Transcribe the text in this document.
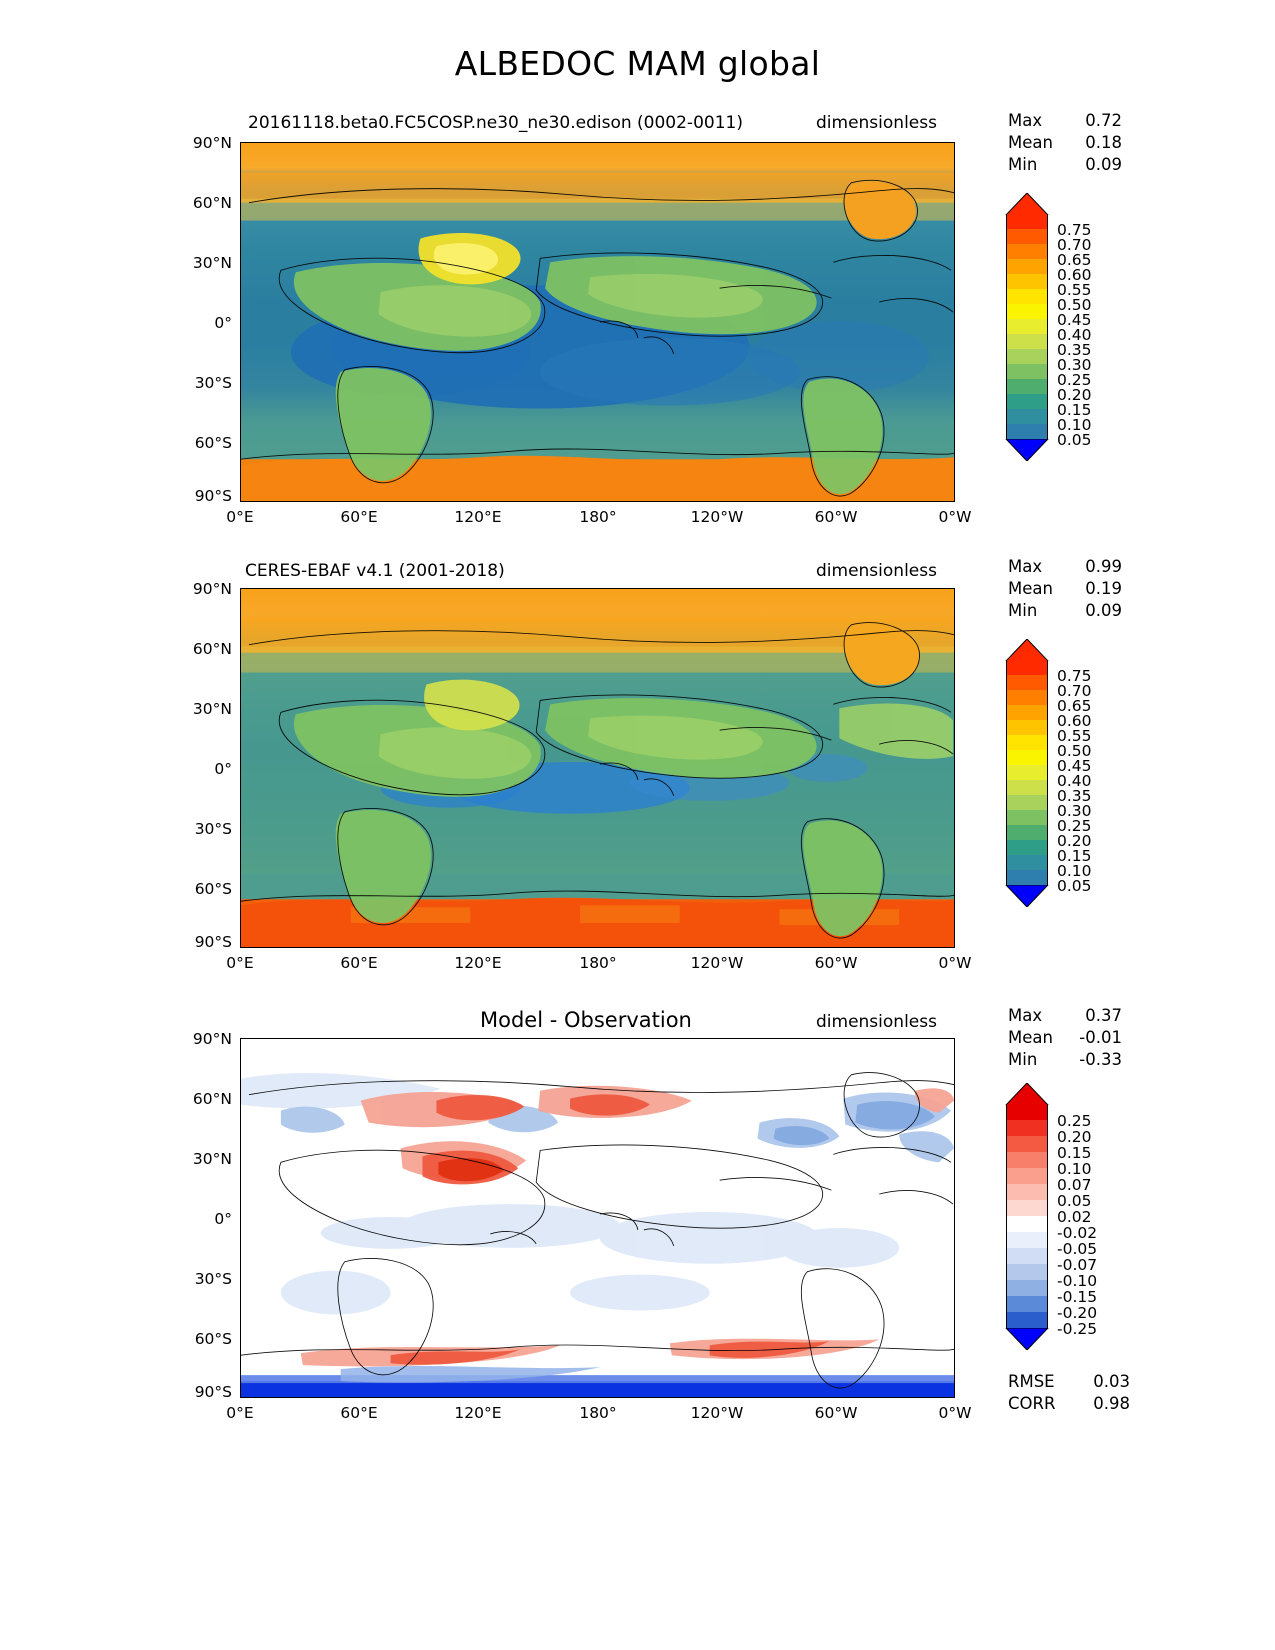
ALBEDOC MAM global
20161118.beta0.FC5COSP.ne30_ne30.edison (0002-0011)	dimensionless
90°N
60°N
30°N
0°
30°S
60°S
90°S
0°E	60°E	120°E	180°	120°W	60°W	0°W
Max	0.72
Mean 0.18
Min	0.09
0.75
0.70
0.65
0.60
0.55
0.50
0.45
0.40
0.35
0.30
0.25
0.20
0.15
0.10
0.05
CERES-EBAF v4.1 (2001-2018)	dimensionless
90°N
60°N
30°N
0°
30°S
60°S
90°S
0°E	60°E	120°E	180°	120°W	60°W	0°W
Max	0.99
Mean 0.19
Min	0.09
0.75
0.70
0.65
0.60
0.55
0.50
0.45
0.40
0.35
0.30
0.25
0.20
0.15
0.10
0.05
Model - Observation	dimensionless
90°N
60°N
30°N
0°
30°S
60°S
90°S
0°E	60°E	120°E	180°	120°W	60°W	0°W
Max	0.37
Mean -0.01
Min	-0.33
0.25
0.20
0.15
0.10
0.07
0.05
0.02
-0.02
-0.05
-0.07
-0.10
-0.15
-0.20
-0.25
RMSE 0.03
CORR 0.98
